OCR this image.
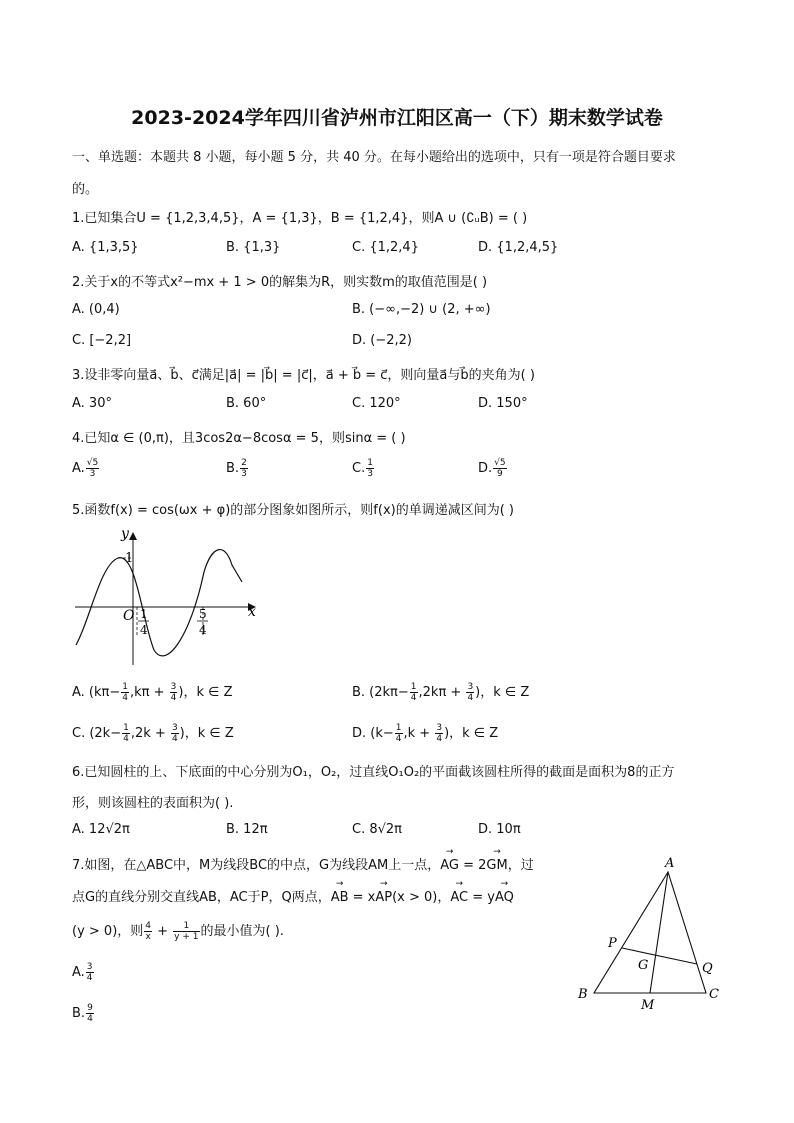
2023-2024学年四川省泸州市江阳区高一（下）期末数学试卷
一、单选题：本题共 8 小题，每小题 5 分，共 40 分。在每小题给出的选项中，只有一项是符合题目要求
的。
1.已知集合U = {1,2,3,4,5}，A = {1,3}，B = {1,2,4}，则A ∪ (∁ᵤB) = ( )
A. {1,3,5}	B. {1,3}	C. {1,2,4}	D. {1,2,4,5}
2.关于x的不等式x²−mx + 1 > 0的解集为R，则实数m的取值范围是( )
A. (0,4)	B. (−∞,−2) ∪ (2, +∞)
C. [−2,2]	D. (−2,2)
3.设非零向量a⃗、b⃗、c⃗满足|a⃗| = |b⃗| = |c⃗|，a⃗ + b⃗ = c⃗，则向量a⃗与b⃗的夹角为( )
A. 30°	B. 60°	C. 120°	D. 150°
4.已知α ∈ (0,π)，且3cos2α−8cosα = 5，则sinα = ( )
A. $\frac{√5}{3}$	B. $\frac{2}{3}$	C. $\frac{1}{3}$	D. $\frac{√5}{9}$
5.函数f(x) = cos(ωx + φ)的部分图象如图所示，则f(x)的单调递减区间为( )
y
x
O
1
1
4
5
4
A. ($k\pi- \frac{1}{4} ,k\pi + \frac{3}{4}$ )，k ∈ Z	B. ($2k\pi- \frac{1}{4} ,2k\pi + \frac{3}{4}$ )，k ∈ Z
C. ($2k- \frac{1}{4} ,2k + \frac{3}{4}$ )，k ∈ Z	D. ($k- \frac{1}{4} ,k + \frac{3}{4}$ )，k ∈ Z
6.已知圆柱的上、下底面的中心分别为O₁，O₂，过直线O₁O₂的平面截该圆柱所得的截面是面积为8的正方
形，则该圆柱的表面积为( ).
A. 12√2π	B. 12π	C. 8√2π	D. 10π
7.如图，在△ABC中，M为线段BC的中点，G为线段AM上一点，AG → = 2GM →，过
点G的直线分别交直线AB，AC于P，Q两点，AB → = xAP →(x > 0)，AC → = yAQ →
(y > 0)，则 $\frac{4}{x} + \frac{1}{y + 1}$ 的最小值为( ).
A. $\frac{3}{4}$
B. $\frac{9}{4}$
A
B	C
M
P
Q
G
